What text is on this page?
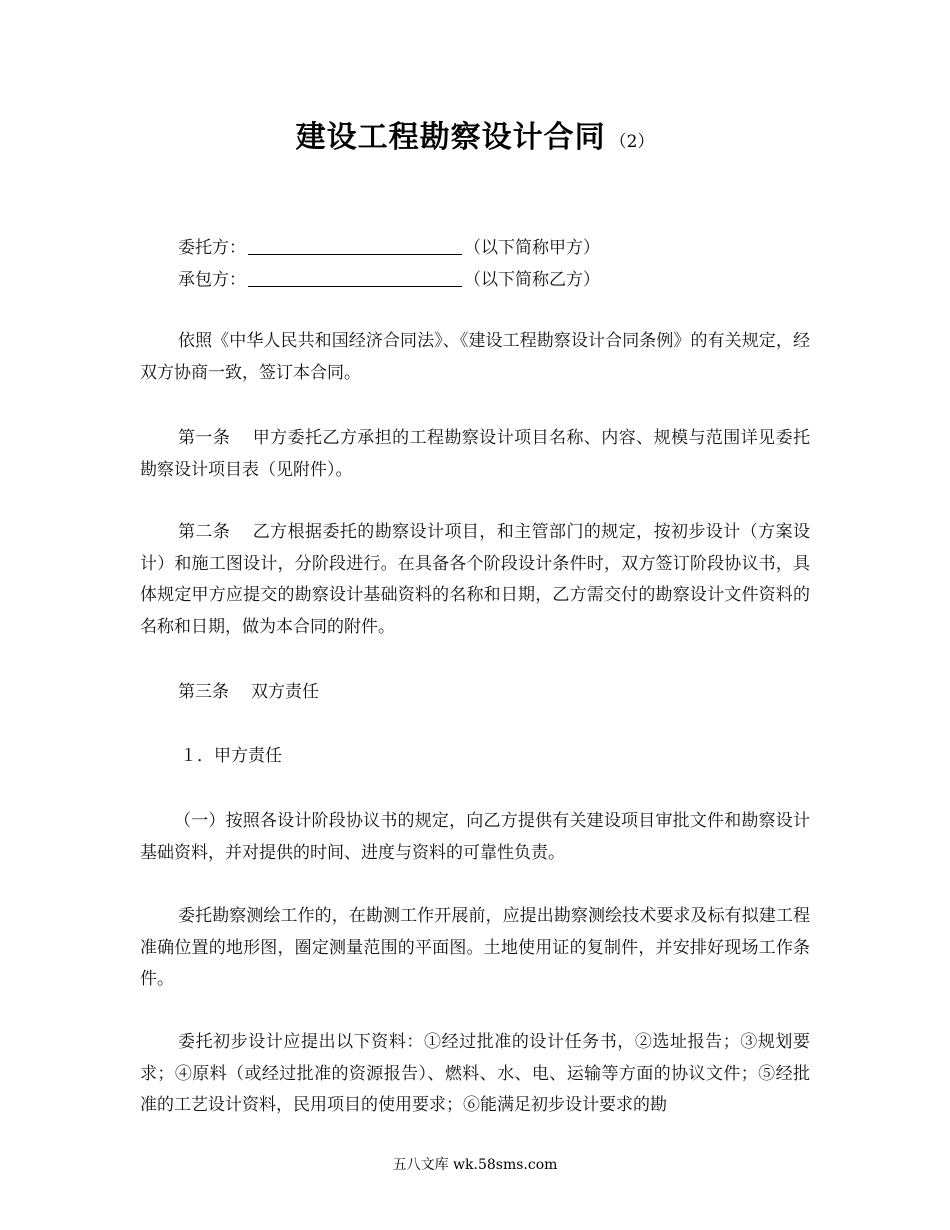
建设工程勘察设计合同 （2）
委托方：	（以下简称甲方）
承包方：	（以下简称乙方）

依照《中华人民共和国经济合同法》、《建设工程勘察设计合同条例》的有关规定，经双方协商一致，签订本合同。

第一条 甲方委托乙方承担的工程勘察设计项目名称、内容、规模与范围详见委托勘察设计项目表（见附件）。

第二条 乙方根据委托的勘察设计项目，和主管部门的规定，按初步设计（方案设计）和施工图设计，分阶段进行。在具备各个阶段设计条件时，双方签订阶段协议书，具体规定甲方应提交的勘察设计基础资料的名称和日期，乙方需交付的勘察设计文件资料的名称和日期，做为本合同的附件。

第三条 双方责任
１．甲方责任

（一）按照各设计阶段协议书的规定，向乙方提供有关建设项目审批文件和勘察设计基础资料，并对提供的时间、进度与资料的可靠性负责。

委托勘察测绘工作的，在勘测工作开展前，应提出勘察测绘技术要求及标有拟建工程准确位置的地形图，圈定测量范围的平面图。土地使用证的复制件，并安排好现场工作条件。

委托初步设计应提出以下资料：①经过批准的设计任务书，②选址报告；③规划要求；④原料（或经过批准的资源报告）、燃料、水、电、运输等方面的协议文件；⑤经批准的工艺设计资料，民用项目的使用要求；⑥能满足初步设计要求的勘

五八文库 wk.58sms.com
